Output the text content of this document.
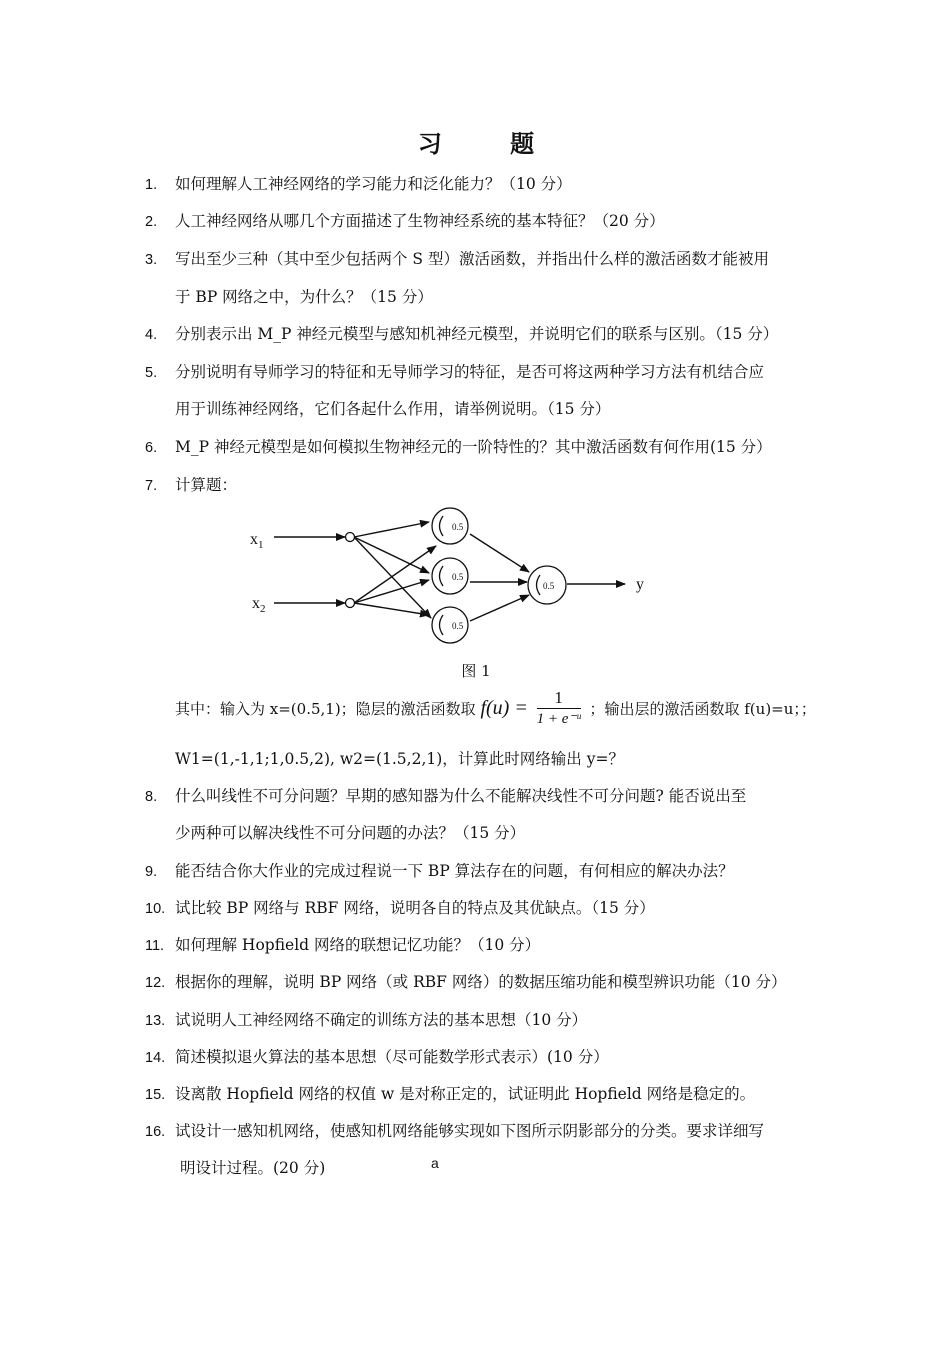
习 题
1. 如何理解人工神经网络的学习能力和泛化能力？（10 分）
2. 人工神经网络从哪几个方面描述了生物神经系统的基本特征？（20 分）
3. 写出至少三种（其中至少包括两个 S 型）激活函数，并指出什么样的激活函数才能被用
于 BP 网络之中，为什么？（15 分）
4. 分别表示出 M_P 神经元模型与感知机神经元模型，并说明它们的联系与区别。（15 分）
5. 分别说明有导师学习的特征和无导师学习的特征，是否可将这两种学习方法有机结合应
用于训练神经网络，它们各起什么作用，请举例说明。（15 分）
6. M_P 神经元模型是如何模拟生物神经元的一阶特性的？其中激活函数有何作用(15 分）
7. 计算题：
$x_1$
$x_2$
0.5
0.5
0.5
0.5	y
图 1
其中：输入为 x=(0.5,1)；隐层的激活函数取 $f(u) = \frac{1}{\text{1 + e⁻ᵘ}}$ ；输出层的激活函数取 f(u)=u；；
W1=(1,-1,1;1,0.5,2), w2=(1.5,2,1)，计算此时网络输出 y=？
8. 什么叫线性不可分问题？早期的感知器为什么不能解决线性不可分问题? 能否说出至
少两种可以解决线性不可分问题的办法？（15 分）
9. 能否结合你大作业的完成过程说一下 BP 算法存在的问题，有何相应的解决办法？
10. 试比较 BP 网络与 RBF 网络，说明各自的特点及其优缺点。（15 分）
11. 如何理解 Hopfield 网络的联想记忆功能？（10 分）
12. 根据你的理解，说明 BP 网络（或 RBF 网络）的数据压缩功能和模型辨识功能（10 分）
13. 试说明人工神经网络不确定的训练方法的基本思想（10 分）
14. 简述模拟退火算法的基本思想（尽可能数学形式表示）(10 分）
15. 设离散 Hopfield 网络的权值 w 是对称正定的，试证明此 Hopfield 网络是稳定的。
16. 试设计一感知机网络，使感知机网络能够实现如下图所示阴影部分的分类。要求详细写
明设计过程。(20 分)	a
